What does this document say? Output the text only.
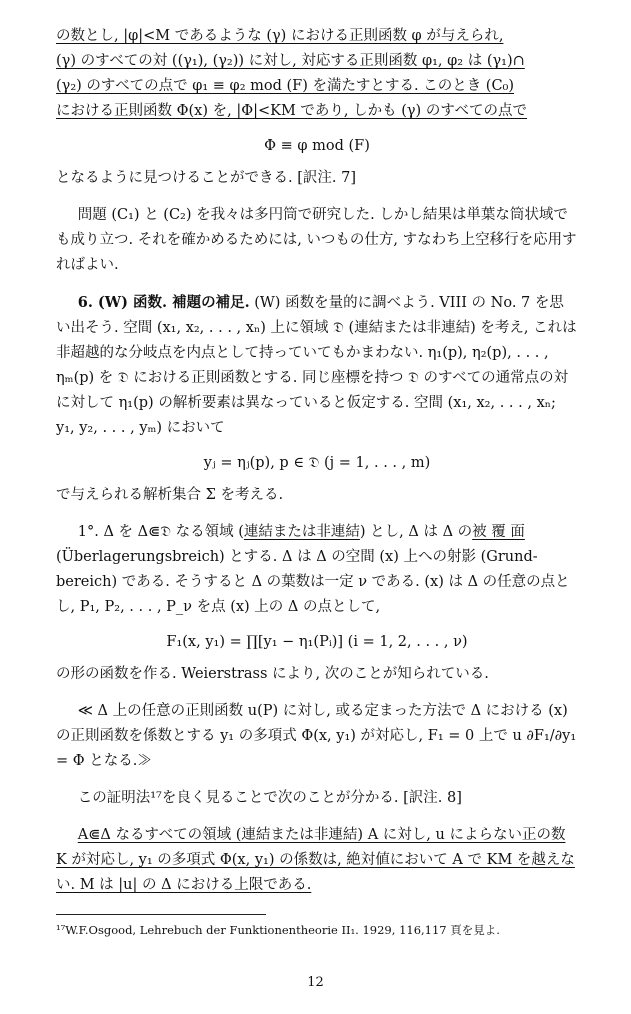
の数とし, |φ|<M であるような (γ) における正則函数 φ が与えられ,

(γ) のすべての対 ((γ₁), (γ₂)) に対し, 対応する正則函数 φ₁, φ₂ は (γ₁)∩

(γ₂) のすべての点で φ₁ ≡ φ₂ mod (F) を満たすとする. このとき (C₀)

における正則函数 Φ(x) を, |Φ|<KM であり, しかも (γ) のすべての点で

Φ ≡ φ mod (F)

となるように見つけることができる. [訳注. 7]

問題 (C₁) と (C₂) を我々は多円筒で研究した. しかし結果は単葉な筒状域でも成り立つ. それを確かめるためには, いつもの仕方, すなわち上空移行を応用すればよい.

6. (W) 函数. 補題の補足. (W) 函数を量的に調べよう. VIII の No. 7 を思い出そう. 空間 (x₁, x₂, . . . , xₙ) 上に領域 𝔇 (連結または非連結) を考え, これは非超越的な分岐点を内点として持っていてもかまわない. η₁(p), η₂(p), . . . , ηₘ(p) を 𝔇 における正則函数とする. 同じ座標を持つ 𝔇 のすべての通常点の対に対して η₁(p) の解析要素は異なっていると仮定する. 空間 (x₁, x₂, . . . , xₙ; y₁, y₂, . . . , yₘ) において

yⱼ = ηⱼ(p), p ∈ 𝔇 (j = 1, . . . , m)

で与えられる解析集合 Σ を考える.

1°. Δ を Δ⋐𝔇 なる領域 (連結または非連結) とし, Δ は Δ の被 覆 面 (Überlagerungsbreich) とする. Δ は Δ の空間 (x) 上への射影 (Grund-bereich) である. そうすると Δ の葉数は一定 ν である. (x) は Δ の任意の点とし, P₁, P₂, . . . , P_ν を点 (x) 上の Δ の点として,

F₁(x, y₁) = ∏[y₁ − η₁(Pᵢ)] (i = 1, 2, . . . , ν)

の形の函数を作る. Weierstrass により, 次のことが知られている.

≪ Δ 上の任意の正則函数 u(P) に対し, 或る定まった方法で Δ における (x) の正則函数を係数とする y₁ の多項式 Φ(x, y₁) が対応し, F₁ = 0 上で u ∂F₁/∂y₁ = Φ となる.≫

この証明法¹⁷を良く見ることで次のことが分かる. [訳注. 8]

A⋐Δ なるすべての領域 (連結または非連結) A に対し, u によらない正の数 K が対応し, y₁ の多項式 Φ(x, y₁) の係数は, 絶対値において A で KM を越えない. M は |u| の Δ における上限である.

¹⁷W.F.Osgood, Lehrebuch der Funktionentheorie II₁. 1929, 116,117 頁を見よ.

12
